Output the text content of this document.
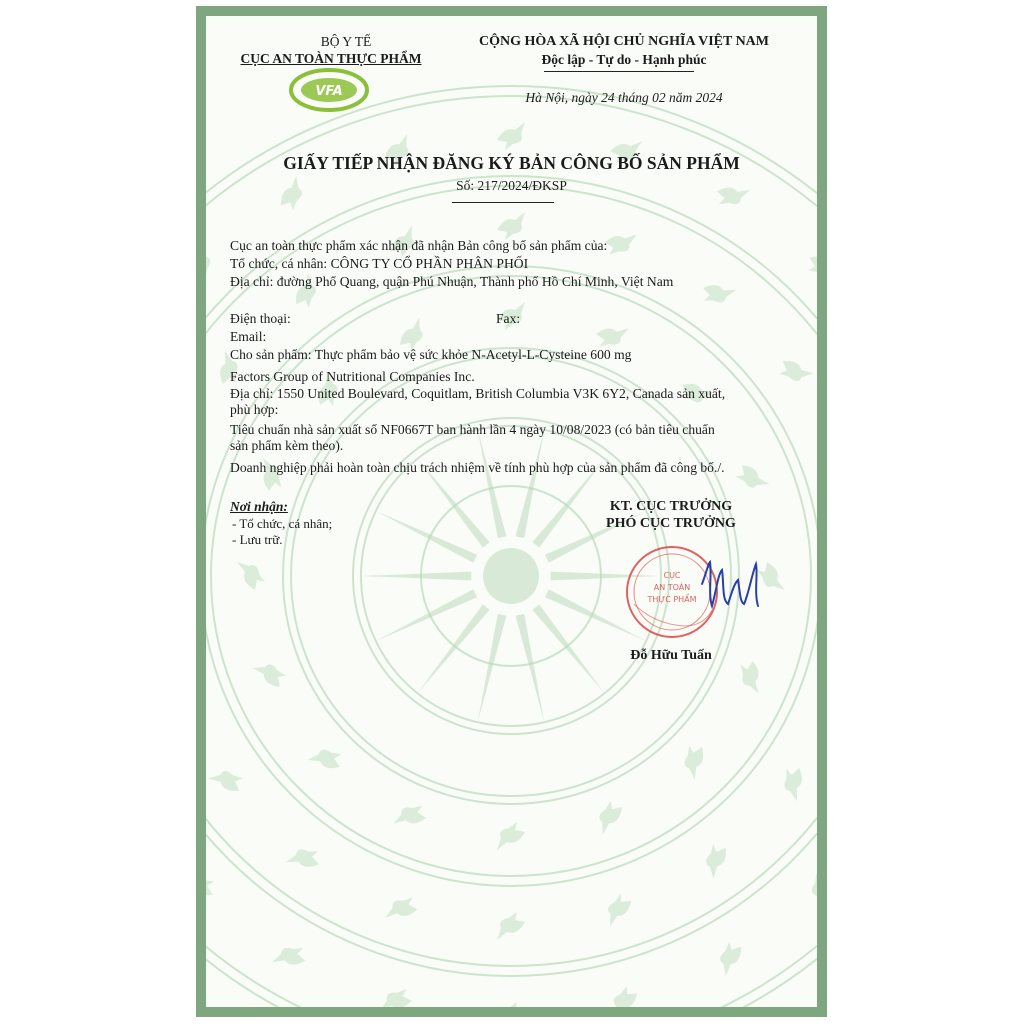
BỘ Y TẾ
CỤC AN TOÀN THỰC PHẨM
VFA
CỘNG HÒA XÃ HỘI CHỦ NGHĨA VIỆT NAM
Độc lập - Tự do - Hạnh phúc
Hà Nội, ngày 24 tháng 02 năm 2024
GIẤY TIẾP NHẬN ĐĂNG KÝ BẢN CÔNG BỐ SẢN PHẨM
Số: 217/2024/ĐKSP
Cục an toàn thực phẩm xác nhận đã nhận Bản công bố sản phẩm của:
Tổ chức, cá nhân: CÔNG TY CỔ PHẦN PHÂN PHỐI
Địa chỉ: đường Phổ Quang, quận Phú Nhuận, Thành phố Hồ Chí Minh, Việt Nam
Điện thoại:	Fax:
Email:
Cho sản phẩm: Thực phẩm bảo vệ sức khỏe N-Acetyl-L-Cysteine 600 mg
Factors Group of Nutritional Companies Inc.
Địa chỉ: 1550 United Boulevard, Coquitlam, British Columbia V3K 6Y2, Canada sản xuất,
phù hợp:
Tiêu chuẩn nhà sản xuất số NF0667T ban hành lần 4 ngày 10/08/2023 (có bản tiêu chuẩn
sản phẩm kèm theo).
Doanh nghiệp phải hoàn toàn chịu trách nhiệm về tính phù hợp của sản phẩm đã công bố./.
Nơi nhận:
- Tổ chức, cá nhân;
- Lưu trữ.
KT. CỤC TRƯỞNG
PHÓ CỤC TRƯỞNG
CỤC
AN TOÀN
THỰC PHẨM
Đỗ Hữu Tuấn
